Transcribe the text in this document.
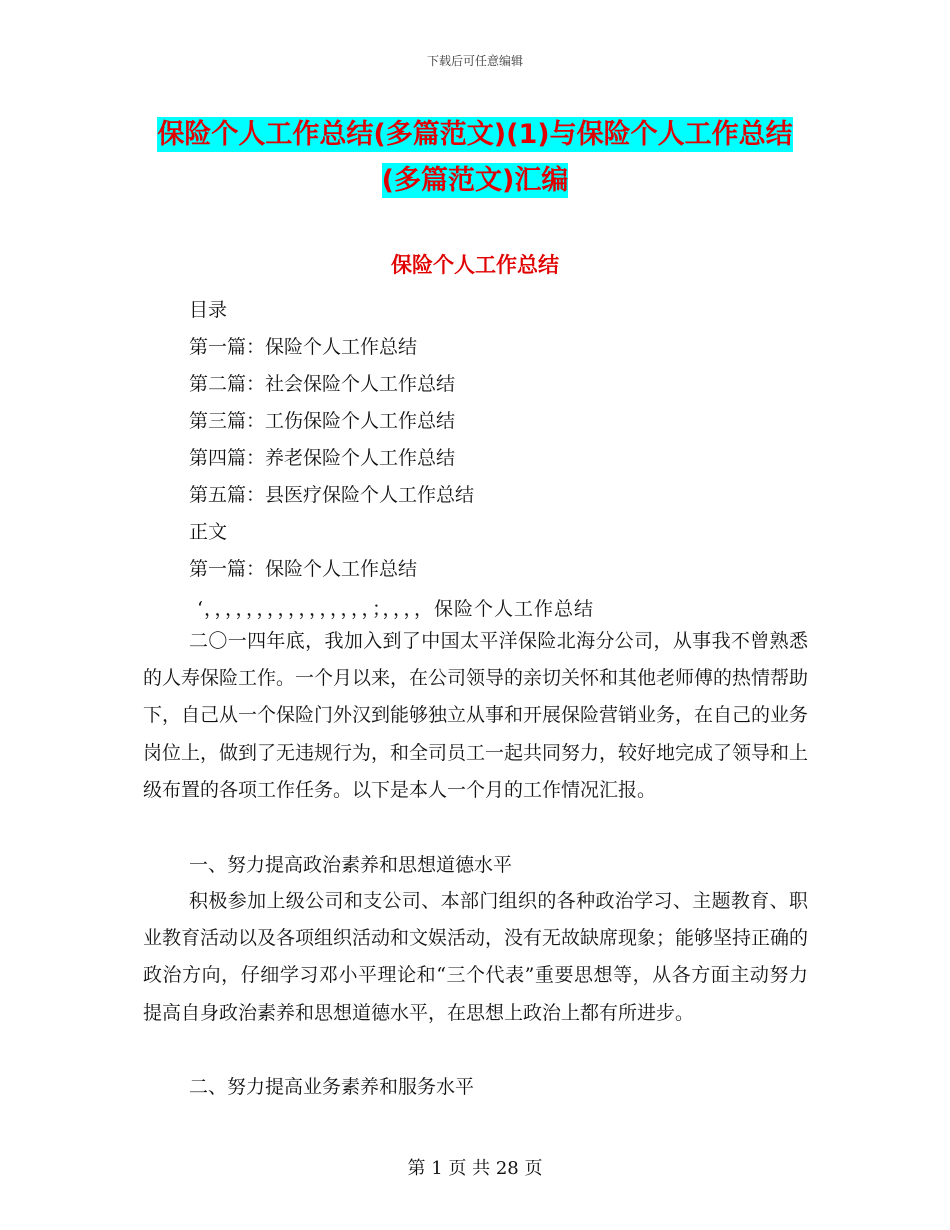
下载后可任意编辑
保险个人工作总结(多篇范文)(1)与保险个人工作总结
(多篇范文)汇编
保险个人工作总结
目录
第一篇：保险个人工作总结
第二篇：社会保险个人工作总结
第三篇：工伤保险个人工作总结
第四篇：养老保险个人工作总结
第五篇：县医疗保险个人工作总结
正文
第一篇：保险个人工作总结
‘，，，，，，，，，，，，，，，，；，，，，保险个人工作总结
二〇一四年底，我加入到了中国太平洋保险北海分公司，从事我不曾熟悉的人寿保险工作。一个月以来，在公司领导的亲切关怀和其他老师傅的热情帮助下，自己从一个保险门外汉到能够独立从事和开展保险营销业务，在自己的业务岗位上，做到了无违规行为，和全司员工一起共同努力，较好地完成了领导和上级布置的各项工作任务。以下是本人一个月的工作情况汇报。
一、努力提高政治素养和思想道德水平
积极参加上级公司和支公司、本部门组织的各种政治学习、主题教育、职业教育活动以及各项组织活动和文娱活动，没有无故缺席现象；能够坚持正确的政治方向，仔细学习邓小平理论和“三个代表”重要思想等，从各方面主动努力提高自身政治素养和思想道德水平，在思想上政治上都有所进步。
二、努力提高业务素养和服务水平
第 1 页 共 28 页
